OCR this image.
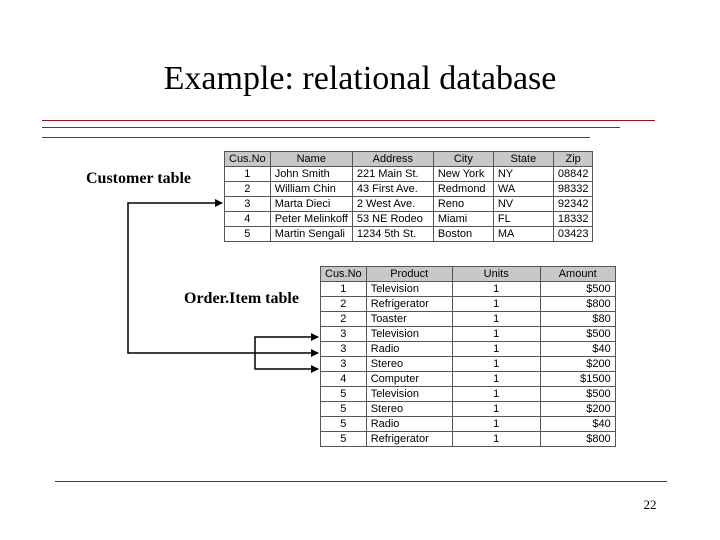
Example: relational database
Customer table
Order.Item table
Cus.No	Name	Address	City	State	Zip
1	John Smith	221 Main St.	New York	NY	08842
2	William Chin	43 First Ave.	Redmond	WA	98332
3	Marta Dieci	2 West Ave.	Reno	NV	92342
4	Peter Melinkoff	53 NE Rodeo	Miami	FL	18332
5	Martin Sengali	1234 5th St.	Boston	MA	03423
Cus.No	Product	Units	Amount
1	Television	1	$500
2	Refrigerator	1	$800
2	Toaster	1	$80
3	Television	1	$500
3	Radio	1	$40
3	Stereo	1	$200
4	Computer	1	$1500
5	Television	1	$500
5	Stereo	1	$200
5	Radio	1	$40
5	Refrigerator	1	$800
22
